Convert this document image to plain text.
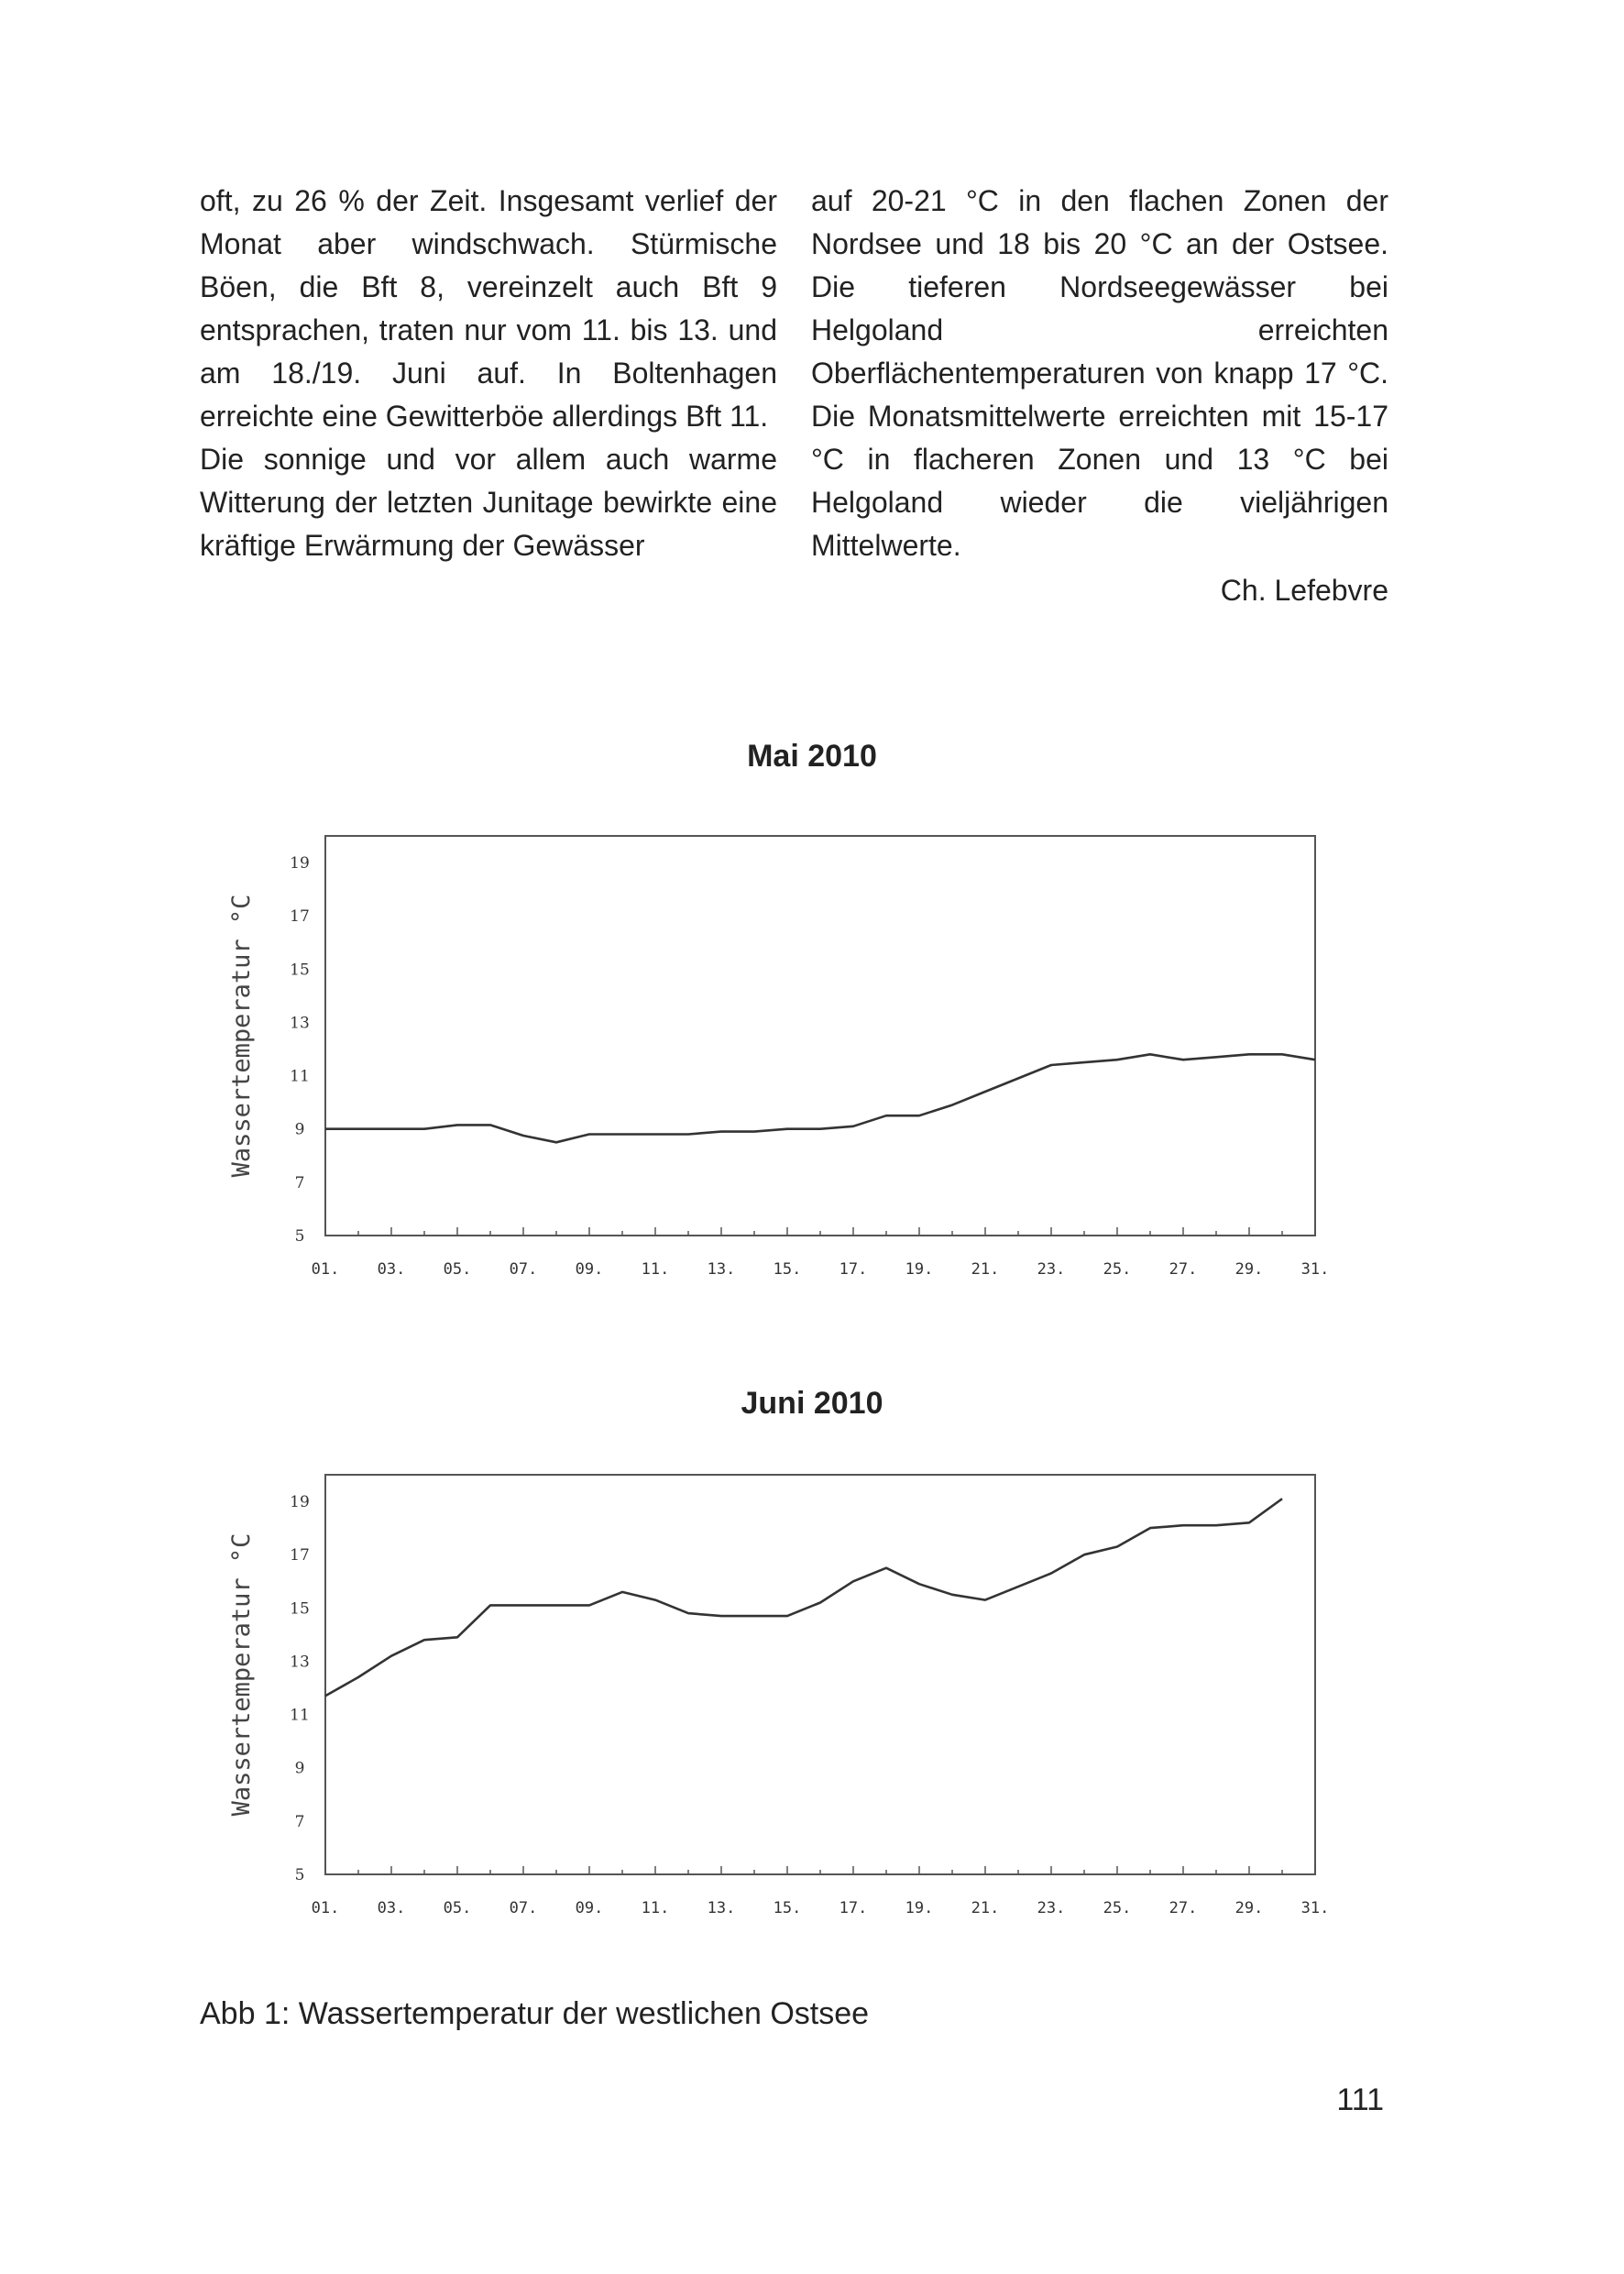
oft, zu 26 % der Zeit. Insgesamt verlief der Monat aber windschwach. Stürmische Böen, die Bft 8, vereinzelt auch Bft 9 entsprachen, traten nur vom 11. bis 13. und am 18./19. Juni auf. In Boltenhagen erreichte eine Gewitterböe allerdings Bft 11.

Die sonnige und vor allem auch warme Witterung der letzten Junitage bewirkte eine kräftige Erwärmung der Gewässer

auf 20-21 °C in den flachen Zonen der Nordsee und 18 bis 20 °C an der Ostsee. Die tieferen Nordseegewässer bei Helgoland erreichten Oberflächentemperaturen von knapp 17 °C. Die Monatsmittelwerte erreichten mit 15-17 °C in flacheren Zonen und 13 °C bei Helgoland wieder die vieljährigen Mittelwerte.

Ch. Lefebvre

Mai 2010
5
7
9
11
13
15
17
19
01. 03. 05. 07. 09. 11. 13. 15. 17. 19. 21. 23. 25. 27. 29. 31.
Wassertemperatur °C
Juni 2010
5
7
9
11
13
15
17
19
01. 03. 05. 07. 09. 11. 13. 15. 17. 19. 21. 23. 25. 27. 29. 31.
Wassertemperatur °C
Abb 1: Wassertemperatur der westlichen Ostsee
111
